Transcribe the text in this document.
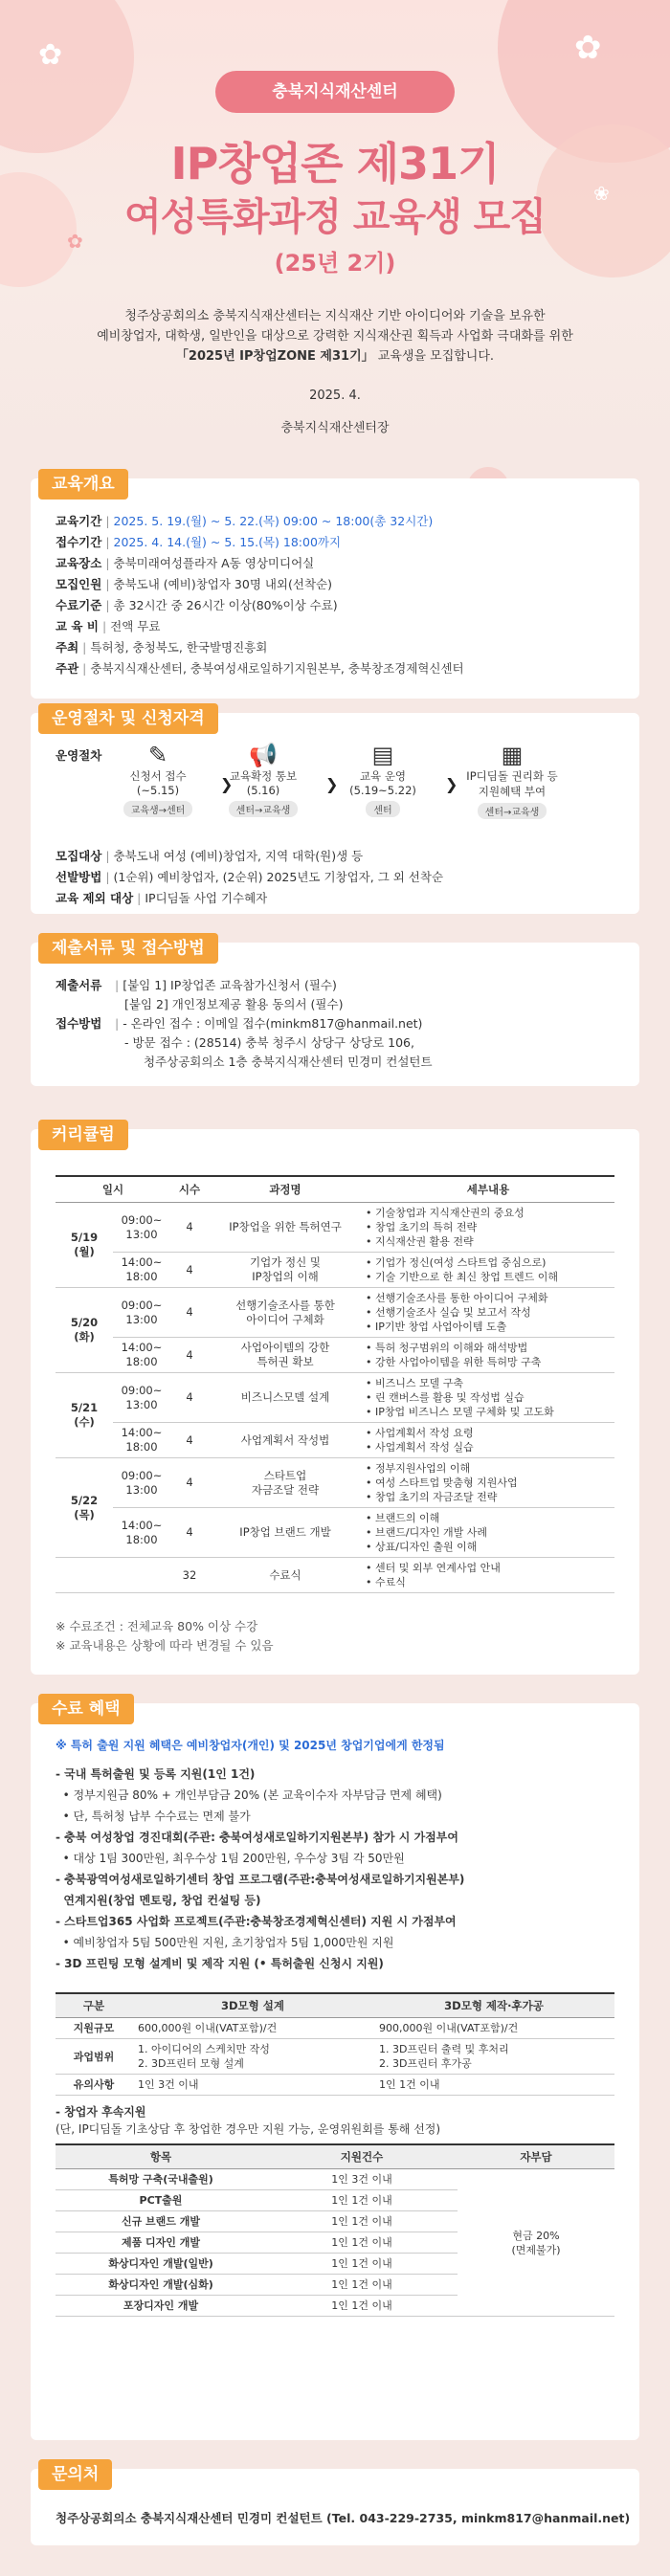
✿	✿
❀
✿
충북지식재산센터
IP창업존 제31기
여성특화과정 교육생 모집
(25년 2기)
청주상공회의소 충북지식재산센터는 지식재산 기반 아이디어와 기술을 보유한
예비창업자, 대학생, 일반인을 대상으로 강력한 지식재산권 획득과 사업화 극대화를 위한
「2025년 IP창업ZONE 제31기」 교육생을 모집합니다.
2025. 4.
충북지식재산센터장
교육개요
교육기간 | 2025. 5. 19.(월) ~ 5. 22.(목) 09:00 ~ 18:00(총 32시간)
접수기간 | 2025. 4. 14.(월) ~ 5. 15.(목) 18:00까지
교육장소 | 충북미래여성플라자 A동 영상미디어실
모집인원 | 충북도내 (예비)창업자 30명 내외(선착순)
수료기준 | 총 32시간 중 26시간 이상(80%이상 수료)
교 육 비 | 전액 무료
주최 | 특허청, 충청북도, 한국발명진흥회
주관 | 충북지식재산센터, 충북여성새로일하기지원본부, 충북창조경제혁신센터
운영절차 및 신청자격
운영절차	✎
신청서 접수
(~5.15)
교육생→센터
❯
📢
교육확정 통보
(5.16)
센터→교육생
❯
▤
교육 운영
(5.19~5.22)
센터
❯
▦
IP디딤돌 권리화 등
지원혜택 부여
센터→교육생
모집대상 | 충북도내 여성 (예비)창업자, 지역 대학(원)생 등
선발방법 | (1순위) 예비창업자, (2순위) 2025년도 기창업자, 그 외 선착순
교육 제외 대상 | IP디딤돌 사업 기수혜자
제출서류 및 접수방법
제출서류 | [붙임 1] IP창업존 교육참가신청서 (필수)
[붙임 2] 개인정보제공 활용 동의서 (필수)
접수방법 | - 온라인 접수 : 이메일 접수(minkm817@hanmail.net)
- 방문 접수 : (28514) 충북 청주시 상당구 상당로 106,
청주상공회의소 1층 충북지식재산센터 민경미 컨설턴트
커리큘럼
일시		시수	과정명	세부내용
5/19
(월)	09:00~
13:00	4	IP창업을 위한 특허연구	• 기술창업과 지식재산권의 중요성
• 창업 초기의 특허 전략
• 지식재산권 활용 전략
	14:00~
18:00	4	기업가 정신 및
IP창업의 이해	• 기업가 정신(여성 스타트업 중심으로)
• 기술 기반으로 한 최신 창업 트렌드 이해
5/20
(화)	09:00~
13:00	4	선행기술조사를 통한
아이디어 구체화	• 선행기술조사를 통한 아이디어 구체화
• 선행기술조사 실습 및 보고서 작성
• IP기반 창업 사업아이템 도출
	14:00~
18:00	4	사업아이템의 강한
특허권 확보	• 특허 청구범위의 이해와 해석방법
• 강한 사업아이템을 위한 특허망 구축
5/21
(수)	09:00~
13:00	4	비즈니스모델 설계	• 비즈니스 모델 구축
• 린 캔버스를 활용 및 작성법 실습
• IP창업 비즈니스 모델 구체화 및 고도화
	14:00~
18:00	4	사업계획서 작성법	• 사업계획서 작성 요령
• 사업계획서 작성 실습
5/22
(목)	09:00~
13:00	4	스타트업
자금조달 전략	• 정부지원사업의 이해
• 여성 스타트업 맞춤형 지원사업
• 창업 초기의 자금조달 전략
	14:00~
18:00	4	IP창업 브랜드 개발	• 브랜드의 이해
• 브랜드/디자인 개발 사례
• 상표/디자인 출원 이해
		32	수료식	• 센터 및 외부 연계사업 안내
• 수료식
※ 수료조건 : 전체교육 80% 이상 수강
※ 교육내용은 상황에 따라 변경될 수 있음
수료 혜택
※ 특허 출원 지원 혜택은 예비창업자(개인) 및 2025년 창업기업에게 한정됨
- 국내 특허출원 및 등록 지원(1인 1건)
• 정부지원금 80% + 개인부담금 20% (본 교육이수자 자부담금 면제 혜택)
• 단, 특허청 납부 수수료는 면제 불가
- 충북 여성창업 경진대회(주관: 충북여성새로일하기지원본부) 참가 시 가점부여
• 대상 1팀 300만원, 최우수상 1팀 200만원, 우수상 3팀 각 50만원
- 충북광역여성새로일하기센터 창업 프로그램(주관:충북여성새로일하기지원본부)
연계지원(창업 멘토링, 창업 컨설팅 등)
- 스타트업365 사업화 프로젝트(주관:충북창조경제혁신센터) 지원 시 가점부여
• 예비창업자 5팀 500만원 지원, 초기창업자 5팀 1,000만원 지원
- 3D 프린팅 모형 설계비 및 제작 지원 (• 특허출원 신청시 지원)
구분	3D모형 설계	3D모형 제작·후가공
지원규모	600,000원 이내(VAT포함)/건	900,000원 이내(VAT포함)/건
과업범위	1. 아이디어의 스케치만 작성
2. 3D프린터 모형 설계	1. 3D프린터 출력 및 후처리
2. 3D프린터 후가공
유의사항	1인 3건 이내	1인 1건 이내
- 창업자 후속지원
(단, IP디딤돌 기초상담 후 창업한 경우만 지원 가능, 운영위원회를 통해 선정)
항목	지원건수	자부담
특허망 구축(국내출원)	1인 3건 이내	현금 20%
(면제불가)
PCT출원	1인 1건 이내	
신규 브랜드 개발	1인 1건 이내	
제품 디자인 개발	1인 1건 이내	
화상디자인 개발(일반)	1인 1건 이내	
화상디자인 개발(심화)	1인 1건 이내	
포장디자인 개발	1인 1건 이내	
문의처
청주상공회의소 충북지식재산센터 민경미 컨설턴트 (Tel. 043-229-2735, minkm817@hanmail.net)
